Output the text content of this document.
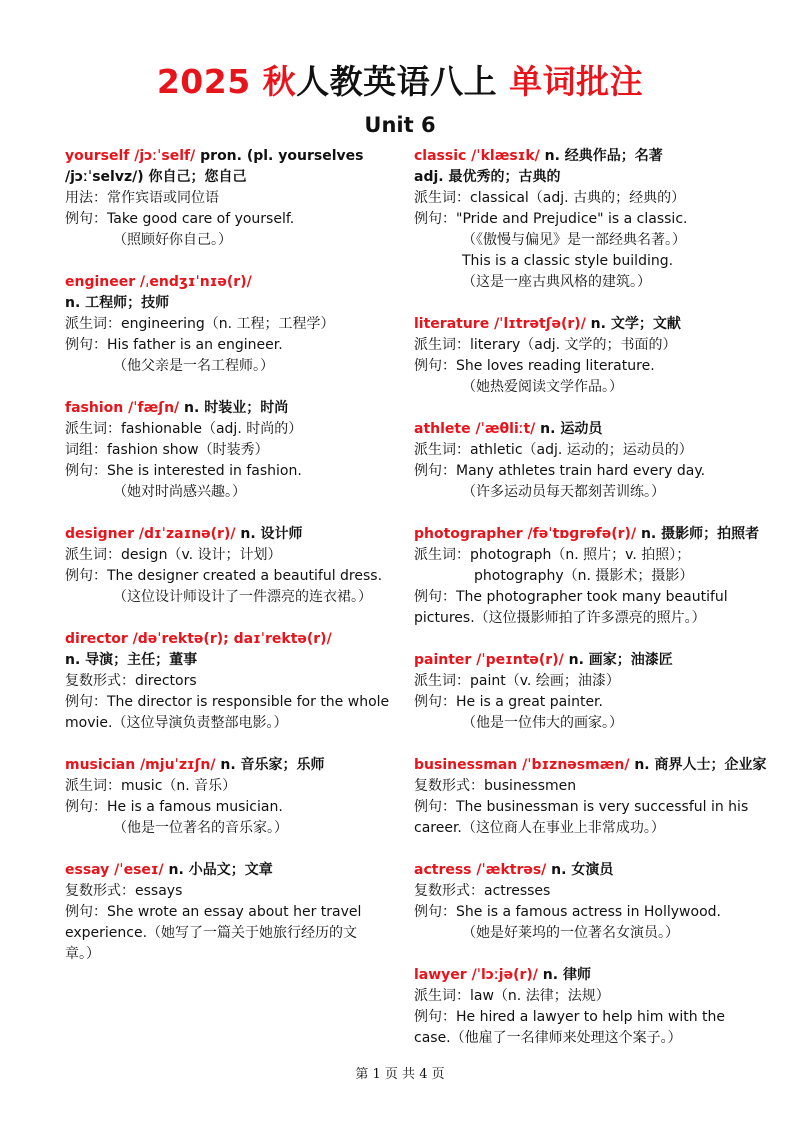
2025 秋人教英语八上 单词批注
Unit 6
yourself /jɔːˈself/ pron. (pl. yourselves
/jɔːˈselvz/) 你自己；您自己
用法：常作宾语或同位语
例句：Take good care of yourself.
（照顾好你自己。）
engineer /ˌendʒɪˈnɪə(r)/
n. 工程师；技师
派生词：engineering（n. 工程；工程学）
例句：His father is an engineer.
（他父亲是一名工程师。）
fashion /ˈfæʃn/ n. 时装业；时尚
派生词：fashionable（adj. 时尚的）
词组：fashion show（时装秀）
例句：She is interested in fashion.
（她对时尚感兴趣。）
designer /dɪˈzaɪnə(r)/ n. 设计师
派生词：design（v. 设计；计划）
例句：The designer created a beautiful dress.
（这位设计师设计了一件漂亮的连衣裙。）
director /dəˈrektə(r); daɪˈrektə(r)/
n. 导演；主任；董事
复数形式：directors
例句：The director is responsible for the whole
movie.（这位导演负责整部电影。）
musician /mjuˈzɪʃn/ n. 音乐家；乐师
派生词：music（n. 音乐）
例句：He is a famous musician.
（他是一位著名的音乐家。）
essay /ˈeseɪ/ n. 小品文；文章
复数形式：essays
例句：She wrote an essay about her travel
experience.（她写了一篇关于她旅行经历的文
章。）
classic /ˈklæsɪk/ n. 经典作品；名著
adj. 最优秀的；古典的
派生词：classical（adj. 古典的；经典的）
例句："Pride and Prejudice" is a classic.
（《傲慢与偏见》是一部经典名著。）
This is a classic style building.
（这是一座古典风格的建筑。）
literature /ˈlɪtrətʃə(r)/ n. 文学；文献
派生词：literary（adj. 文学的；书面的）
例句：She loves reading literature.
（她热爱阅读文学作品。）
athlete /ˈæθliːt/ n. 运动员
派生词：athletic（adj. 运动的；运动员的）
例句：Many athletes train hard every day.
（许多运动员每天都刻苦训练。）
photographer /fəˈtɒɡrəfə(r)/ n. 摄影师；拍照者
派生词：photograph（n. 照片；v. 拍照）；
photography（n. 摄影术；摄影）
例句：The photographer took many beautiful
pictures.（这位摄影师拍了许多漂亮的照片。）
painter /ˈpeɪntə(r)/ n. 画家；油漆匠
派生词：paint（v. 绘画；油漆）
例句：He is a great painter.
（他是一位伟大的画家。）
businessman /ˈbɪznəsmæn/ n. 商界人士；企业家
复数形式：businessmen
例句：The businessman is very successful in his
career.（这位商人在事业上非常成功。）
actress /ˈæktrəs/ n. 女演员
复数形式：actresses
例句：She is a famous actress in Hollywood.
（她是好莱坞的一位著名女演员。）
lawyer /ˈlɔːjə(r)/ n. 律师
派生词：law（n. 法律；法规）
例句：He hired a lawyer to help him with the
case.（他雇了一名律师来处理这个案子。）
第 1 页 共 4 页
